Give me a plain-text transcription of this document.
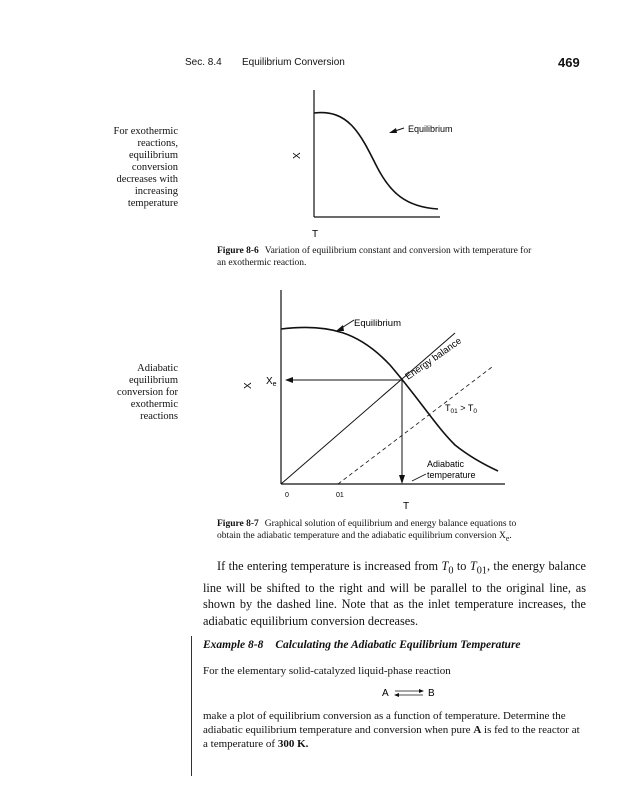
Sec. 8.4 Equilibrium Conversion	469
For exothermic
reactions,
equilibrium
conversion
decreases with
increasing
temperature
Equilibrium
X
T
Figure 8-6 Variation of equilibrium constant and conversion with temperature for
an exothermic reaction.
Adiabatic
equilibrium
conversion for
exothermic
reactions
Equilibrium
Energy balance
$T_{01} > T_0$
Adiabatic
temperature
X $X_e$
0	01
T
Figure 8-7 Graphical solution of equilibrium and energy balance equations to
obtain the adiabatic temperature and the adiabatic equilibrium conversion $X_e$.
If the entering temperature is increased from $T_0$ to $T_{01}$, the energy balance line will be shifted to the right and will be parallel to the original line, as shown by the dashed line. Note that as the inlet temperature increases, the adiabatic equilibrium conversion decreases.
Example 8-8 Calculating the Adiabatic Equilibrium Temperature
For the elementary solid-catalyzed liquid-phase reaction
A	B
make a plot of equilibrium conversion as a function of temperature. Determine the
adiabatic equilibrium temperature and conversion when pure A is fed to the reactor at
a temperature of 300 K.
